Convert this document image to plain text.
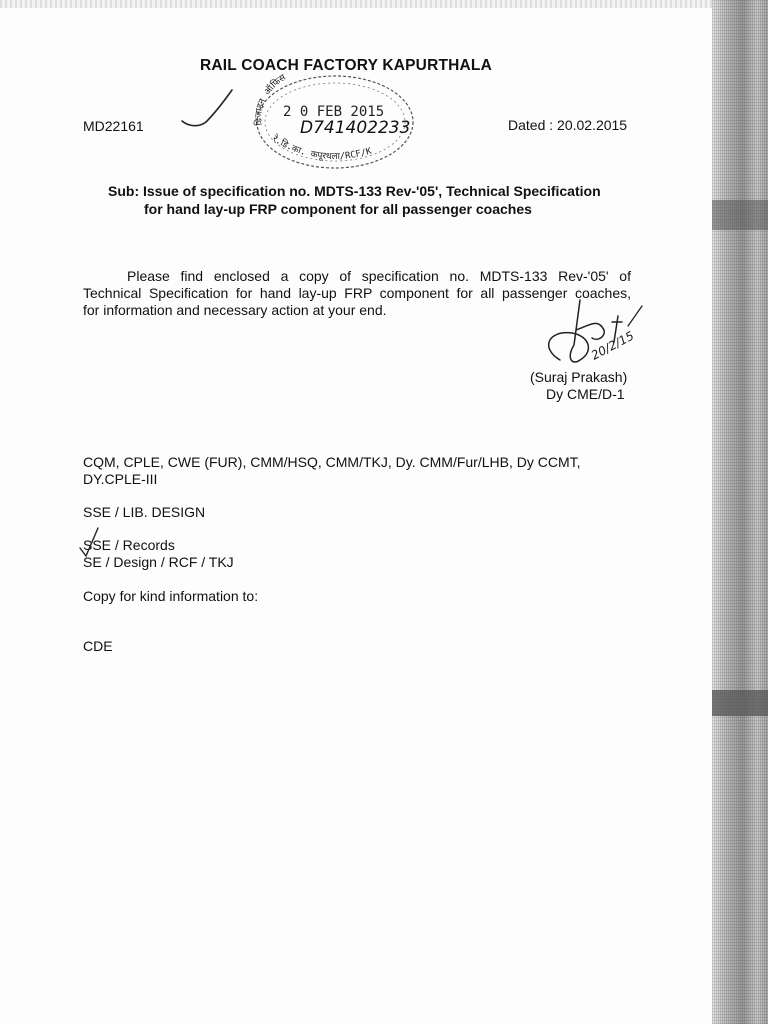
RAIL COACH FACTORY KAPURTHALA
MD22161	Dated : 20.02.2015
Sub: Issue of specification no. MDTS-133 Rev-'05', Technical Specification
for hand lay-up FRP component for all passenger coaches
Please find enclosed a copy of specification no. MDTS-133 Rev-'05' of
Technical Specification for hand lay-up FRP component for all passenger coaches,
for information and necessary action at your end.
(Suraj Prakash)
Dy CME/D-1
CQM, CPLE, CWE (FUR), CMM/HSQ, CMM/TKJ, Dy. CMM/Fur/LHB, Dy CCMT,
DY.CPLE-III
SSE / LIB. DESIGN
SSE / Records
SE / Design / RCF / TKJ
Copy for kind information to:
CDE
डिजाइन ऑफिस
2 0 FEB 2015
D741402233
रे.डि.का. कपूरथला/RCF/K
20/2/15
